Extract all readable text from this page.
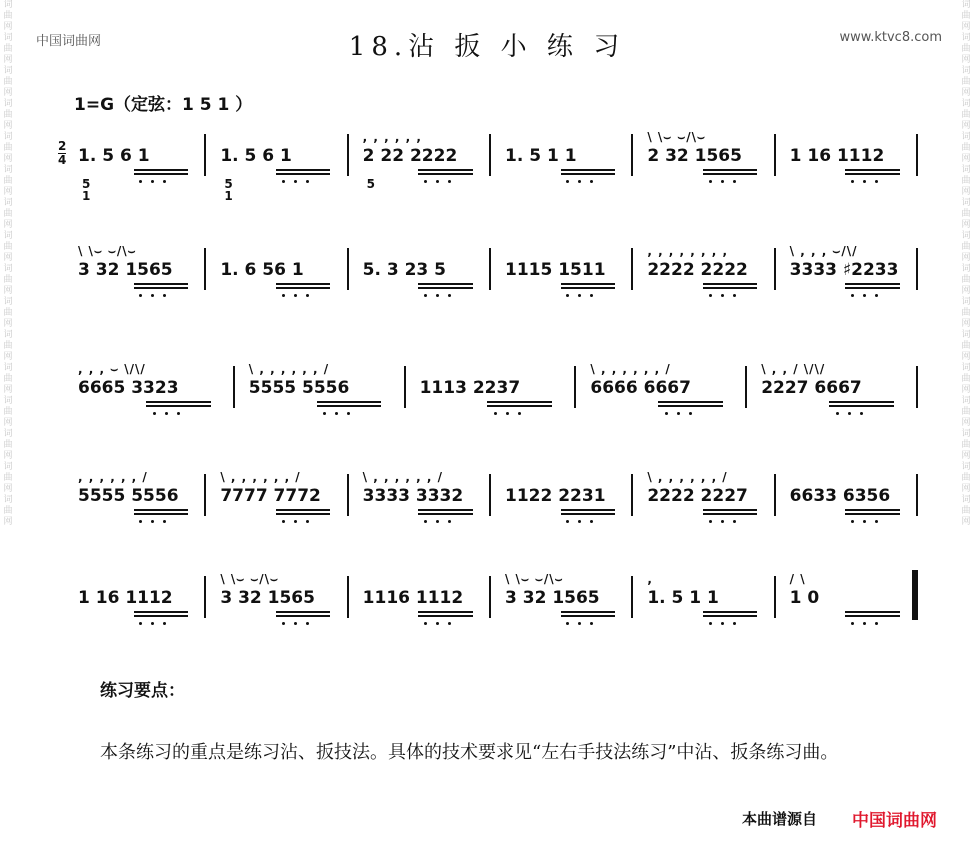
词曲网词曲网词曲网词曲网词曲网词曲网词曲网词曲网词曲网词曲网词曲网词曲网词曲网词曲网词曲网词曲网
词曲网词曲网词曲网词曲网词曲网词曲网词曲网词曲网词曲网词曲网词曲网词曲网词曲网词曲网词曲网词曲网
中国词曲网	www.ktvc8.com
18.沾 扳 小 练 习
1=G（定弦：1 5 1 ）
2
4 1. 5 6 1
5 1
1. 5 6 1
5 1
, , , , , ,
2 22 2222
5
1. 5 1 1
\ \⌣ ⌣/\⌣
2 32 1565	1 16 1112
\ \⌣ ⌣/\⌣
3 32 1565	1. 6 56 1	5. 3 23 5	1115 1511
, , , , , , , ,
2222 2222
\ , , , ⌣/\/
3333 ♯2233
, , , ⌣ \/\/
6665 3323
\ , , , , , , /
5555 5556	1113 2237
\ , , , , , , /
6666 6667
\ , , / \/\/
2227 6667
, , , , , , /
5555 5556
\ , , , , , , /
7777 7772
\ , , , , , , /
3333 3332 1122 2231
\ , , , , , , /
2222 2227 6633 6356
1 16 1112
\ \⌣ ⌣/\⌣
3 32 1565	1116 1112
\ \⌣ ⌣/\⌣
3 32 1565
,
1. 5 1 1
/ \
1 0
练习要点：
本条练习的重点是练习沾、扳技法。具体的技术要求见“左右手技法练习”中沾、扳条练习曲。
本曲谱源自 中国词曲网
